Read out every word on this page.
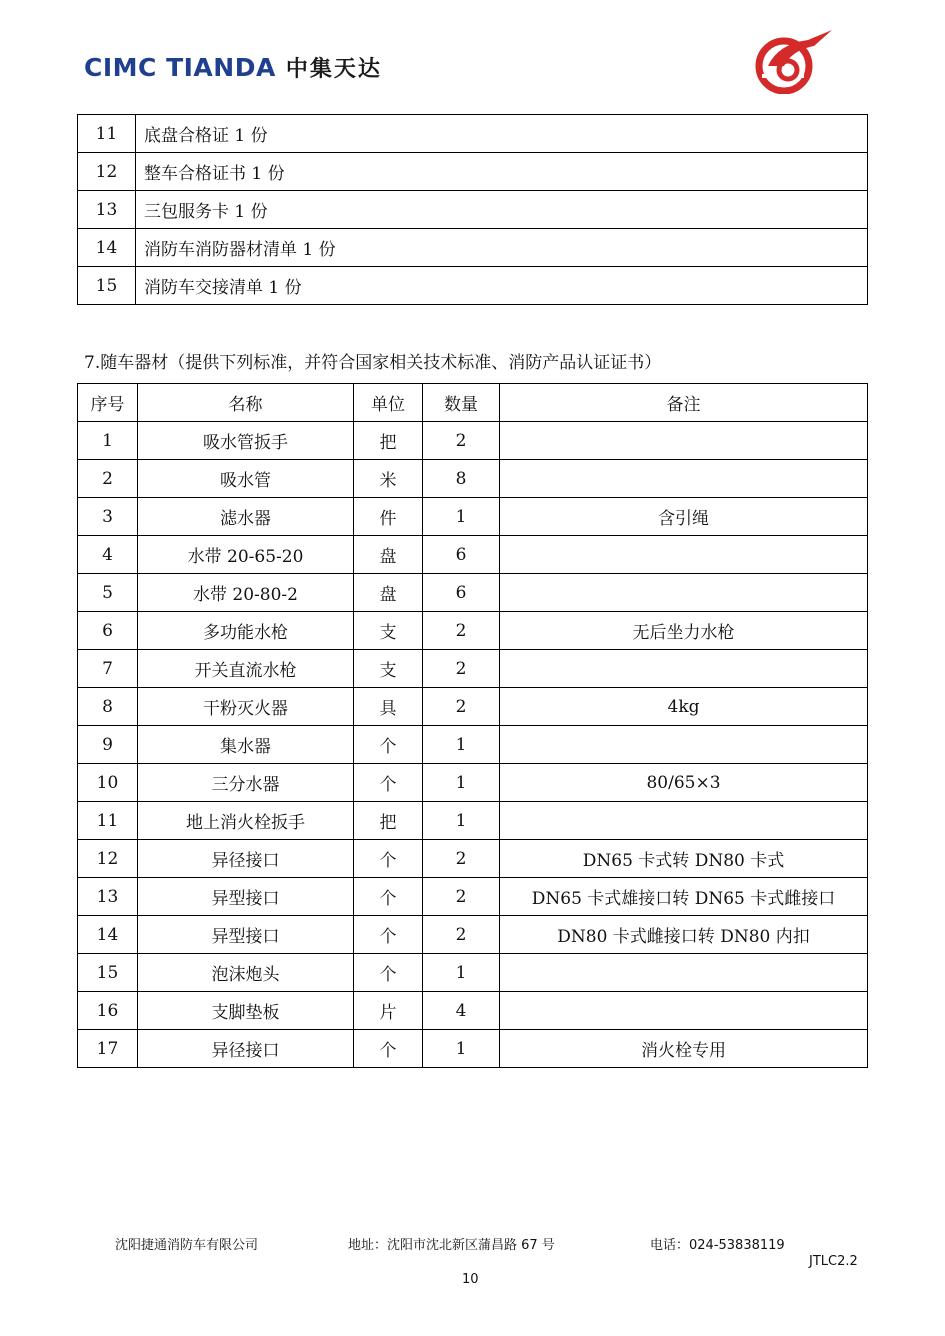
CIMC TIANDA 中集天达
11	底盘合格证 1 份
12	整车合格证书 1 份
13	三包服务卡 1 份
14	消防车消防器材清单 1 份
15	消防车交接清单 1 份
7.随车器材（提供下列标准，并符合国家相关技术标准、消防产品认证证书）
序号	名称	单位	数量	备注
1	吸水管扳手	把	2	
2	吸水管	米	8	
3	滤水器	件	1	含引绳
4	水带 20-65-20	盘	6	
5	水带 20-80-2	盘	6	
6	多功能水枪	支	2	无后坐力水枪
7	开关直流水枪	支	2	
8	干粉灭火器	具	2	4kg
9	集水器	个	1	
10	三分水器	个	1	80/65×3
11	地上消火栓扳手	把	1	
12	异径接口	个	2	DN65 卡式转 DN80 卡式
13	异型接口	个	2	DN65 卡式雄接口转 DN65 卡式雌接口
14	异型接口	个	2	DN80 卡式雌接口转 DN80 内扣
15	泡沫炮头	个	1	
16	支脚垫板	片	4	
17	异径接口	个	1	消火栓专用
沈阳捷通消防车有限公司	地址：沈阳市沈北新区蒲昌路 67 号	电话：024-53838119
JTLC2.2
10
